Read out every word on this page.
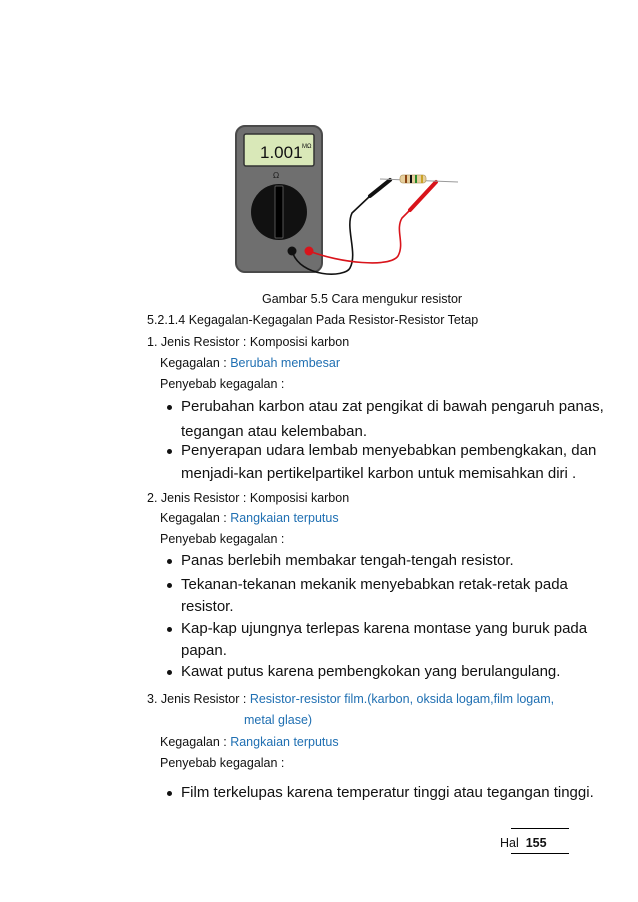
1.001 MΩ
Ω
Gambar 5.5 Cara mengukur resistor
5.2.1.4 Kegagalan-Kegagalan Pada Resistor-Resistor Tetap
1. Jenis Resistor : Komposisi karbon
Kegagalan : Berubah membesar
Penyebab kegagalan :
Perubahan karbon atau zat pengikat di bawah pengaruh panas,
tegangan atau kelembaban.
Penyerapan udara lembab menyebabkan pembengkakan, dan
menjadi-kan pertikelpartikel karbon untuk memisahkan diri .
2. Jenis Resistor : Komposisi karbon
Kegagalan : Rangkaian terputus
Penyebab kegagalan :
Panas berlebih membakar tengah-tengah resistor.
Tekanan-tekanan mekanik menyebabkan retak-retak pada
resistor.
Kap-kap ujungnya terlepas karena montase yang buruk pada
papan.
Kawat putus karena pembengkokan yang berulangulang.
3. Jenis Resistor : Resistor-resistor film.(karbon, oksida logam,film logam,
metal glase)
Kegagalan : Rangkaian terputus
Penyebab kegagalan :
Film terkelupas karena temperatur tinggi atau tegangan tinggi.
Hal 155
